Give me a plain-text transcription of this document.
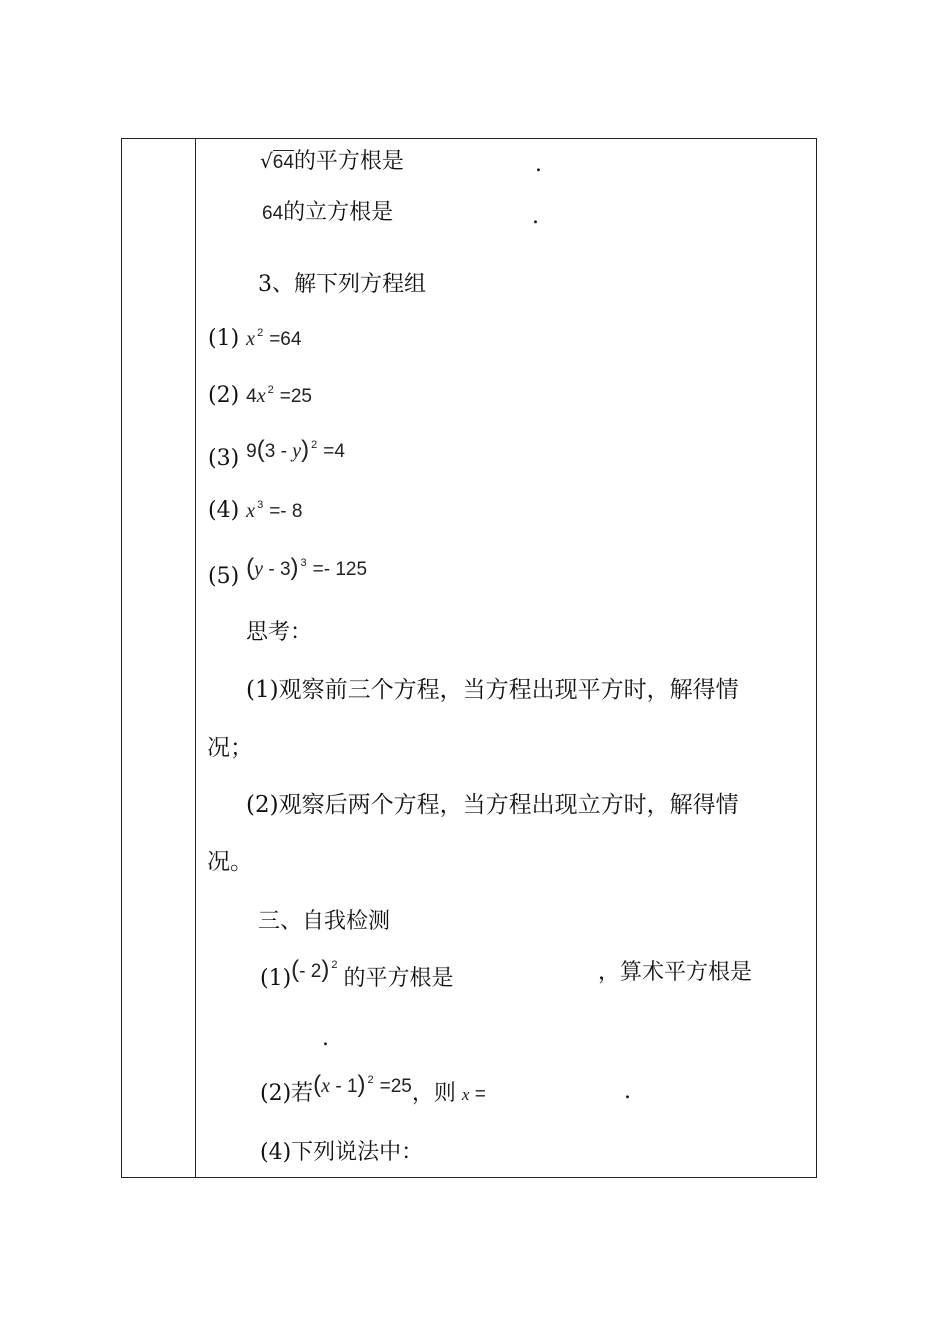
√64的平方根是	.
64的立方根是	.
3、解下列方程组
(1) x $^2$ =64
(2) 4x $^2$ =25
(3) 9(3 - y) $^2$ =4
(4) x $^3$ =- 8
(5) (y - 3) $^3$ =- 125
思考：
(1)观察前三个方程，当方程出现平方时，解得情
况；
(2)观察后两个方程，当方程出现立方时，解得情
况。
三、自我检测
(1)(- 2) $^2$的平方根是	，算术平方根是
.
(2)若(x - 1) $^2$ =25，则 x =	.
(4)下列说法中：
